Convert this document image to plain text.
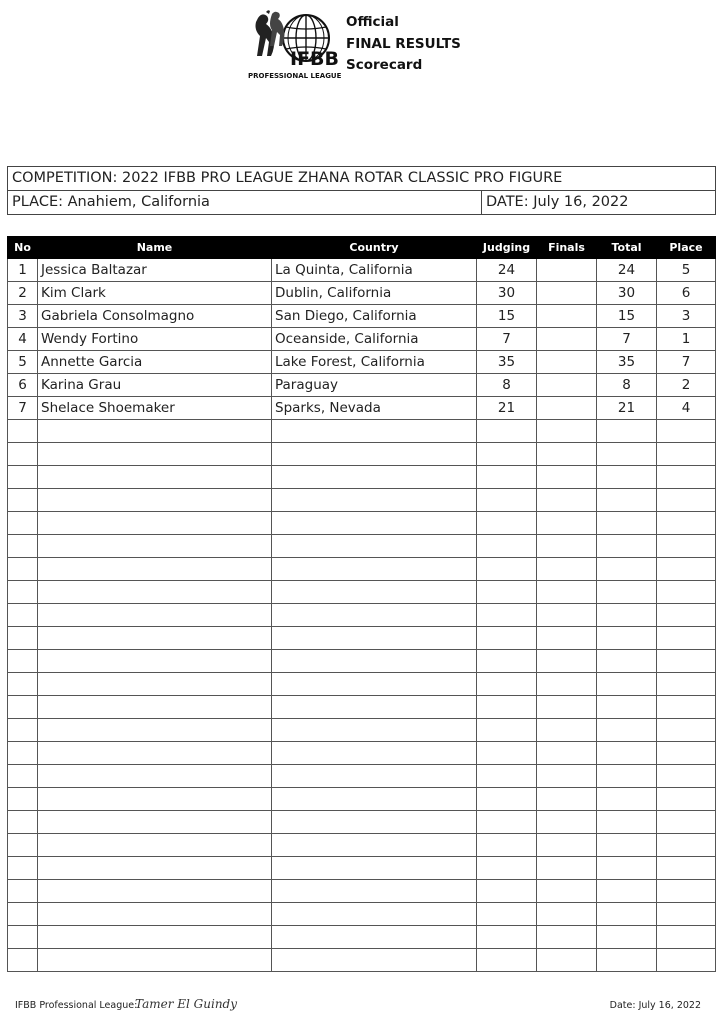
IFBB
PROFESSIONAL LEAGUE
Official
FINAL RESULTS
Scorecard
COMPETITION: 2022 IFBB PRO LEAGUE ZHANA ROTAR CLASSIC PRO FIGURE
PLACE: Anahiem, California	DATE: July 16, 2022
No	Name	Country	Judging	Finals	Total	Place
1	Jessica Baltazar	La Quinta, California	24		24	5
2	Kim Clark	Dublin, California	30		30	6
3	Gabriela Consolmagno	San Diego, California	15		15	3
4	Wendy Fortino	Oceanside, California	7		7	1
5	Annette Garcia	Lake Forest, California	35		35	7
6	Karina Grau	Paraguay	8		8	2
7	Shelace Shoemaker	Sparks, Nevada	21		21	4

IFBB Professional League:
Tamer El Guindy	Date: July 16, 2022
